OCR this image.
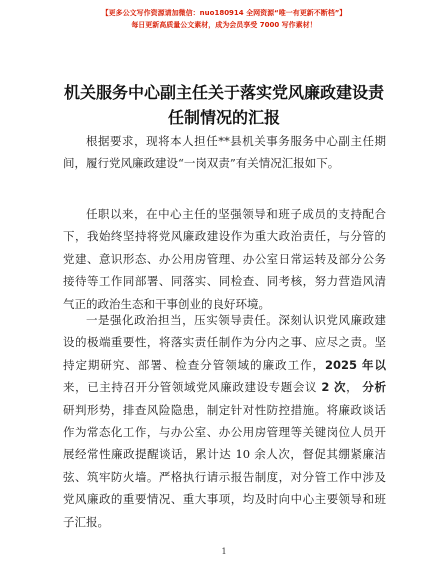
【更多公文写作资源请加微信：nuo180914 全网资源“唯一有更新不断档”】
每日更新高质量公文素材，成为会员享受 7000 写作素材！
机关服务中心副主任关于落实党风廉政建设责
任制情况的汇报
根据要求，现将本人担任**县机关事务服务中心副主任期
间，履行党风廉政建设“一岗双责”有关情况汇报如下。
任职以来，在中心主任的坚强领导和班子成员的支持配合
下，我始终坚持将党风廉政建设作为重大政治责任，与分管的
党建、意识形态、办公用房管理、办公室日常运转及部分公务
接待等工作同部署、同落实、同检查、同考核，努力营造风清
气正的政治生态和干事创业的良好环境。
一是强化政治担当，压实领导责任。深刻认识党风廉政建
设的极端重要性，将落实责任制作为分内之事、应尽之责。坚
持定期研究、部署、检查分管领域的廉政工作，2025 年以
来，已主持召开分管领域党风廉政建设专题会议 2 次， 分析
研判形势，排查风险隐患，制定针对性防控措施。将廉政谈话
作为常态化工作，与办公室、办公用房管理等关键岗位人员开
展经常性廉政提醒谈话，累计达 10 余人次，督促其绷紧廉洁
弦、筑牢防火墙。严格执行请示报告制度，对分管工作中涉及
党风廉政的重要情况、重大事项，均及时向中心主要领导和班
子汇报。
1
